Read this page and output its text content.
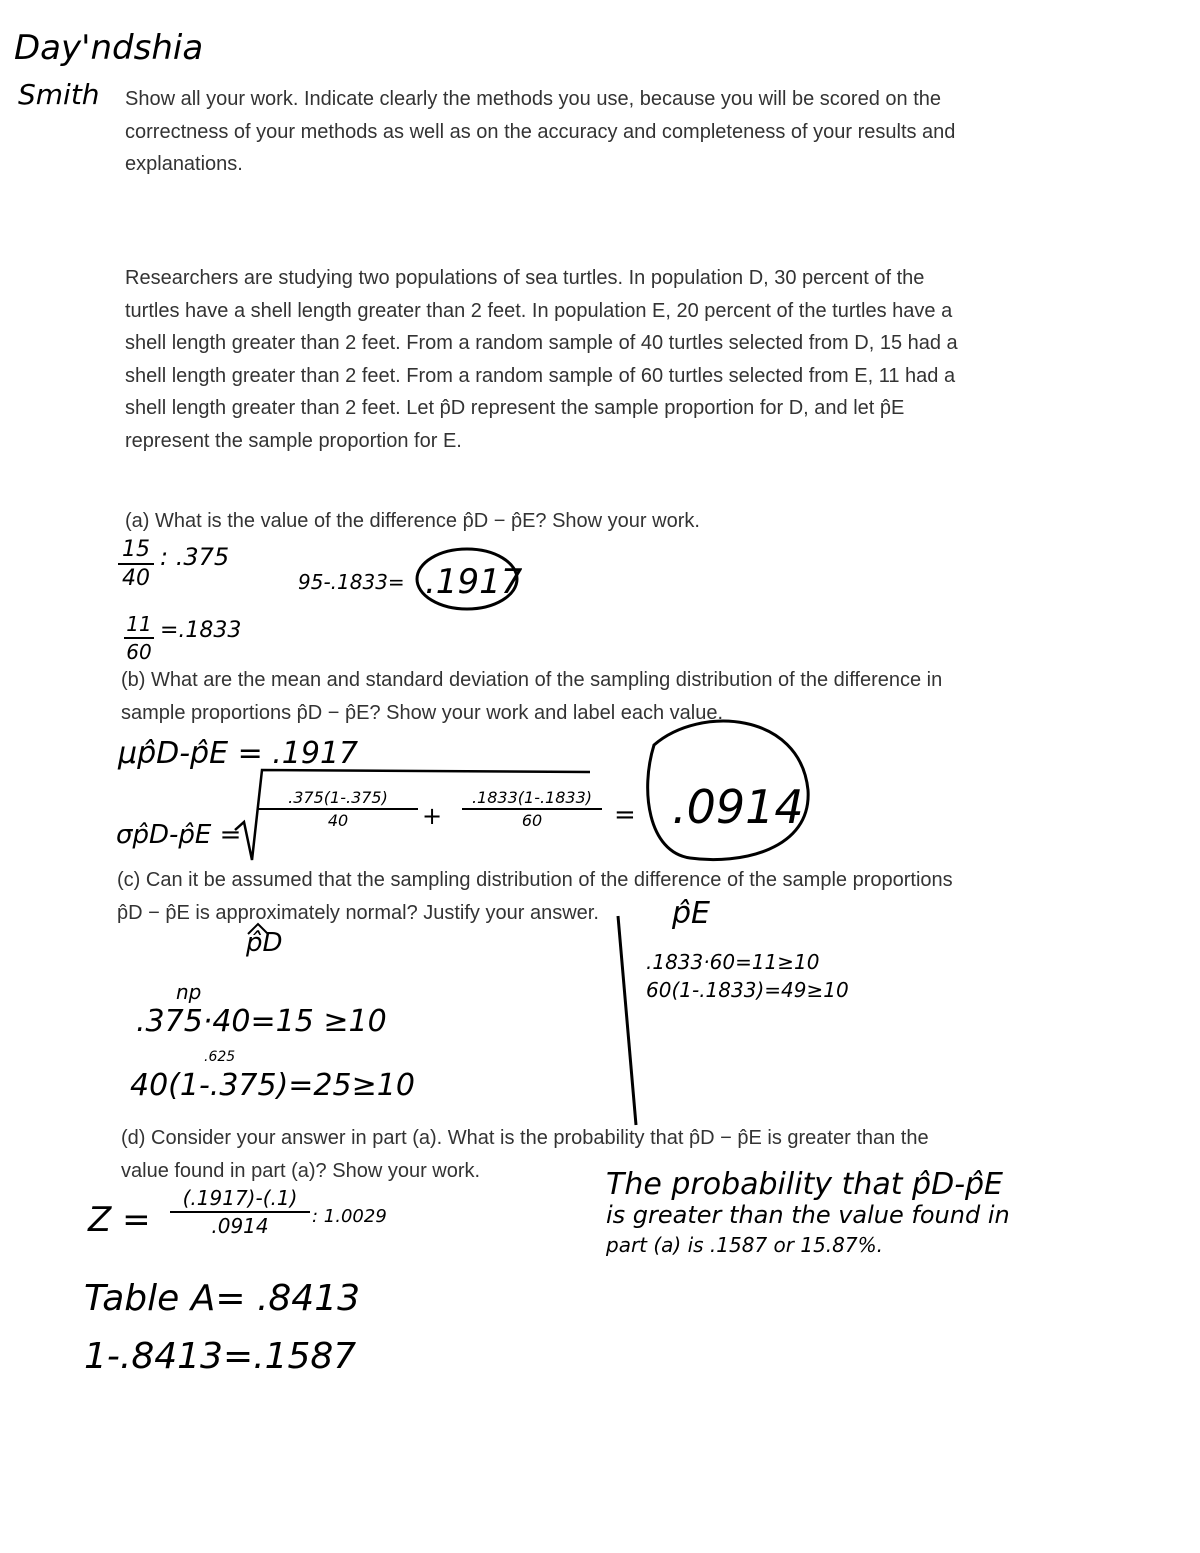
Day'ndshia
Smith Show all your work. Indicate clearly the methods you use, because you will be scored on the
correctness of your methods as well as on the accuracy and completeness of your results and
explanations.
Researchers are studying two populations of sea turtles. In population D, 30 percent of the
turtles have a shell length greater than 2 feet. In population E, 20 percent of the turtles have a
shell length greater than 2 feet. From a random sample of 40 turtles selected from D, 15 had a
shell length greater than 2 feet. From a random sample of 60 turtles selected from E, 11 had a
shell length greater than 2 feet. Let p̂D represent the sample proportion for D, and let p̂E
represent the sample proportion for E.
(a) What is the value of the difference p̂D − p̂E? Show your work.
15
40
: .375
95-.1833= .1917
11
60
=.1833
(b) What are the mean and standard deviation of the sampling distribution of the difference in
sample proportions p̂D − p̂E? Show your work and label each value.
μp̂D-p̂E = .1917
σp̂D-p̂E =
.375(1-.375)
40	+
.1833(1-.1833)
60	= .0914
(c) Can it be assumed that the sampling distribution of the difference of the sample proportions
p̂D − p̂E is approximately normal? Justify your answer.
p̂D
np
.375·40=15 ≥10
.625
40(1-.375)=25≥10
p̂E
.1833·60=11≥10
60(1-.1833)=49≥10
(d) Consider your answer in part (a). What is the probability that p̂D − p̂E is greater than the
value found in part (a)? Show your work.
Z =
(.1917)-(.1)
.0914	: 1.0029
Table A= .8413
1-.8413=.1587
The probability that p̂D-p̂E
is greater than the value found in
part (a) is .1587 or 15.87%.
